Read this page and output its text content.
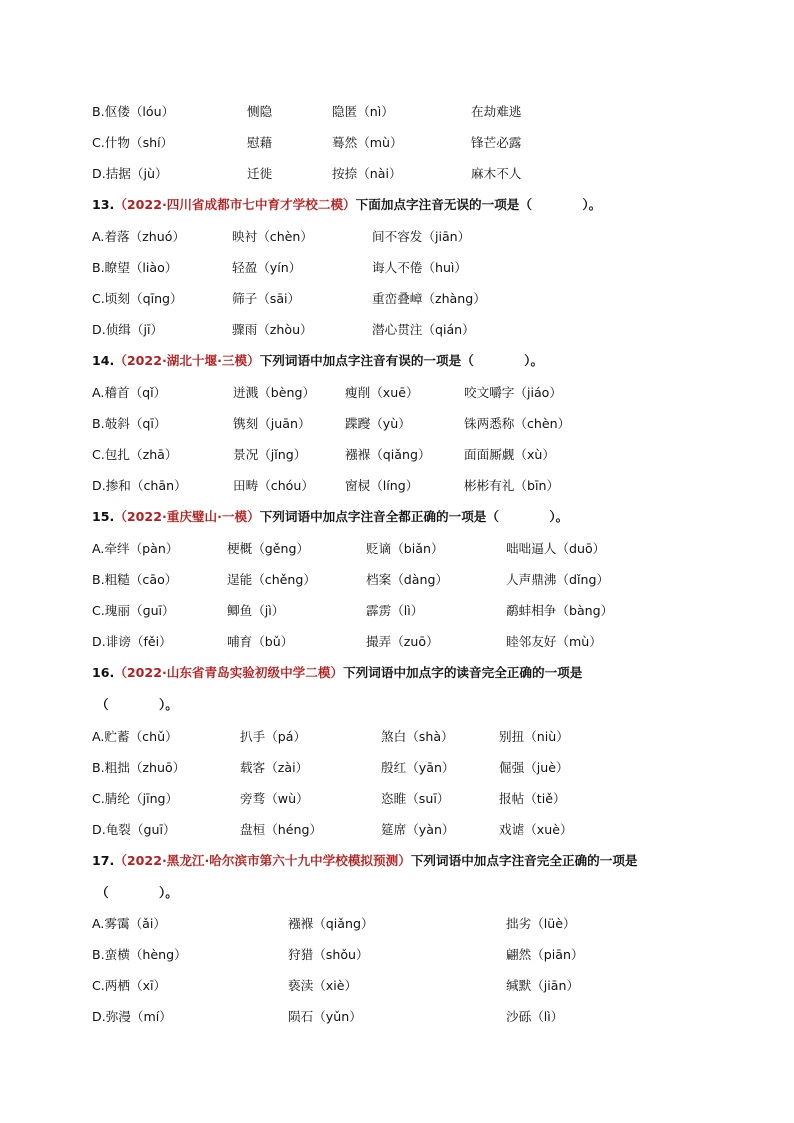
B.伛偻（lóu）	恻隐	隐匿（nì）	在劫难逃
C.什物（shí）	慰藉	蓦然（mù）	锋芒必露
D.拮据（jù）	迁徙	按捺（nài）	麻木不人
13.（2022·四川省成都市七中育才学校二模）下面加点字注音无误的一项是（　　　　）。
A.着落（zhuó）	映衬（chèn）	间不容发（jiān）
B.瞭望（liào）	轻盈（yín）	诲人不倦（huì）
C.顷刻（qīng）	筛子（sāi）	重峦叠嶂（zhàng）
D.侦缉（jī）	骤雨（zhòu）	潜心贯注（qián）
14.（2022·湖北十堰·三模）下列词语中加点字注音有误的一项是（　　　　）。
A.稽首（qǐ）	迸溅（bèng） 瘦削（xuē）	咬文嚼字（jiáo）
B.攲斜（qī）	镌刻（juān）	蹀躞（yù）	铢两悉称（chèn）
C.包扎（zhā）	景况（jǐng）	襁褓（qiǎng）	面面厮觑（xù）
D.掺和（chān）	田畴（chóu） 窗棂（líng）	彬彬有礼（bīn）
15.（2022·重庆璧山·一模）下列词语中加点字注音全都正确的一项是（　　　　）。
A.牵绊（pàn）	梗概（gěng）	贬谪（biǎn）	咄咄逼人（duō）
B.粗糙（cāo）	逞能（chěng）	档案（dàng）	人声鼎沸（dǐng）
C.瑰丽（ɡuī）	鲫鱼（jì）	霹雳（lì）	鹬蚌相争（bàng）
D.诽谤（fěi）	哺育（bǔ）	撮弄（zuō）	睦邻友好（mù）
16.（2022·山东省青岛实验初级中学二模）下列词语中加点字的读音完全正确的一项是
（　　　　）。
A.贮蓄（chǔ）	扒手（pá）	煞白（shà）	别扭（niù）
B.粗拙（zhuō）	载客（zài）	殷红（yān）	倔强（juè）
C.腈纶（jīng）	旁骛（wù）	恣睢（suī）	报帖（tiě）
D.龟裂（guī）	盘桓（héng）	筵席（yàn）	戏谑（xuè）
17.（2022·黑龙江·哈尔滨市第六十九中学校模拟预测）下列词语中加点字注音完全正确的一项是
（　　　　）。
A.雾霭（ǎi）	襁褓（qiǎng）	拙劣（lüè）
B.蛮横（hèng）	狩猎（shǒu）	翩然（piān）
C.两栖（xī）	亵渎（xiè）	缄默（jiān）
D.弥漫（mí）	陨石（yǔn）	沙砾（lì）
